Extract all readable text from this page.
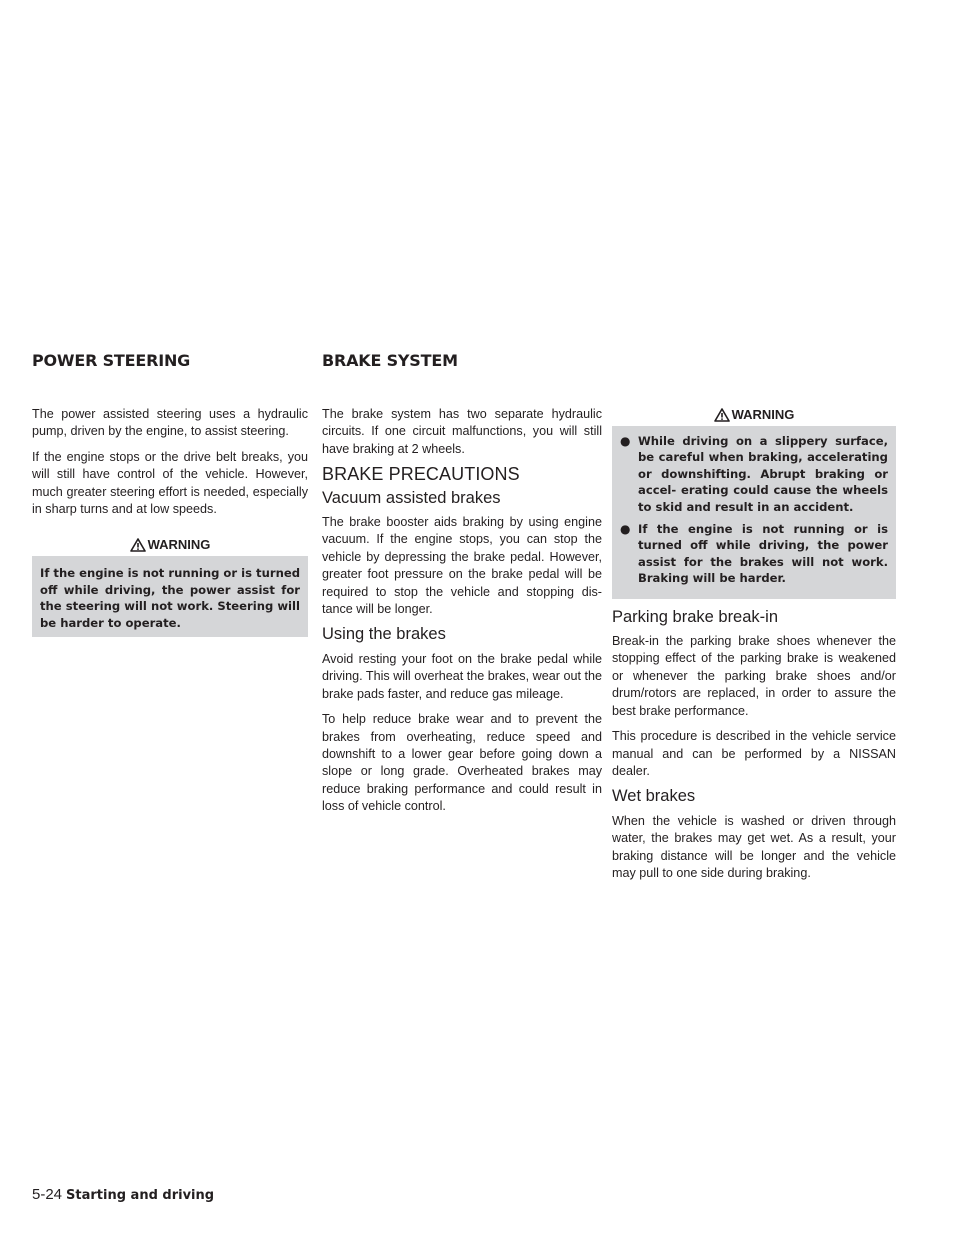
POWER STEERING	BRAKE SYSTEM

The power assisted steering uses a hydraulic pump, driven by the engine, to assist steering.

If the engine stops or the drive belt breaks, you will still have control of the vehicle. However, much greater steering effort is needed, especially in sharp turns and at low speeds.

WARNING
If the engine is not running or is turned off while driving, the power assist for the steering will not work. Steering will be harder to operate.

The brake system has two separate hydraulic circuits. If one circuit malfunctions, you will still have braking at 2 wheels.

BRAKE PRECAUTIONS
Vacuum assisted brakes

The brake booster aids braking by using engine vacuum. If the engine stops, you can stop the vehicle by depressing the brake pedal. However, greater foot pressure on the brake pedal will be required to stop the vehicle and stopping dis- tance will be longer.

Using the brakes

Avoid resting your foot on the brake pedal while driving. This will overheat the brakes, wear out the brake pads faster, and reduce gas mileage.

To help reduce brake wear and to prevent the brakes from overheating, reduce speed and downshift to a lower gear before going down a slope or long grade. Overheated brakes may reduce braking performance and could result in loss of vehicle control.

WARNING
● While driving on a slippery surface, be careful when braking, accelerating or downshifting. Abrupt braking or accel- erating could cause the wheels to skid and result in an accident.
● If the engine is not running or is turned off while driving, the power assist for the brakes will not work. Braking will be harder.
Parking brake break-in

Break-in the parking brake shoes whenever the stopping effect of the parking brake is weakened or whenever the parking brake shoes and/or drum/rotors are replaced, in order to assure the best brake performance.

This procedure is described in the vehicle service manual and can be performed by a NISSAN dealer.

Wet brakes

When the vehicle is washed or driven through water, the brakes may get wet. As a result, your braking distance will be longer and the vehicle may pull to one side during braking.

5-24 Starting and driving
